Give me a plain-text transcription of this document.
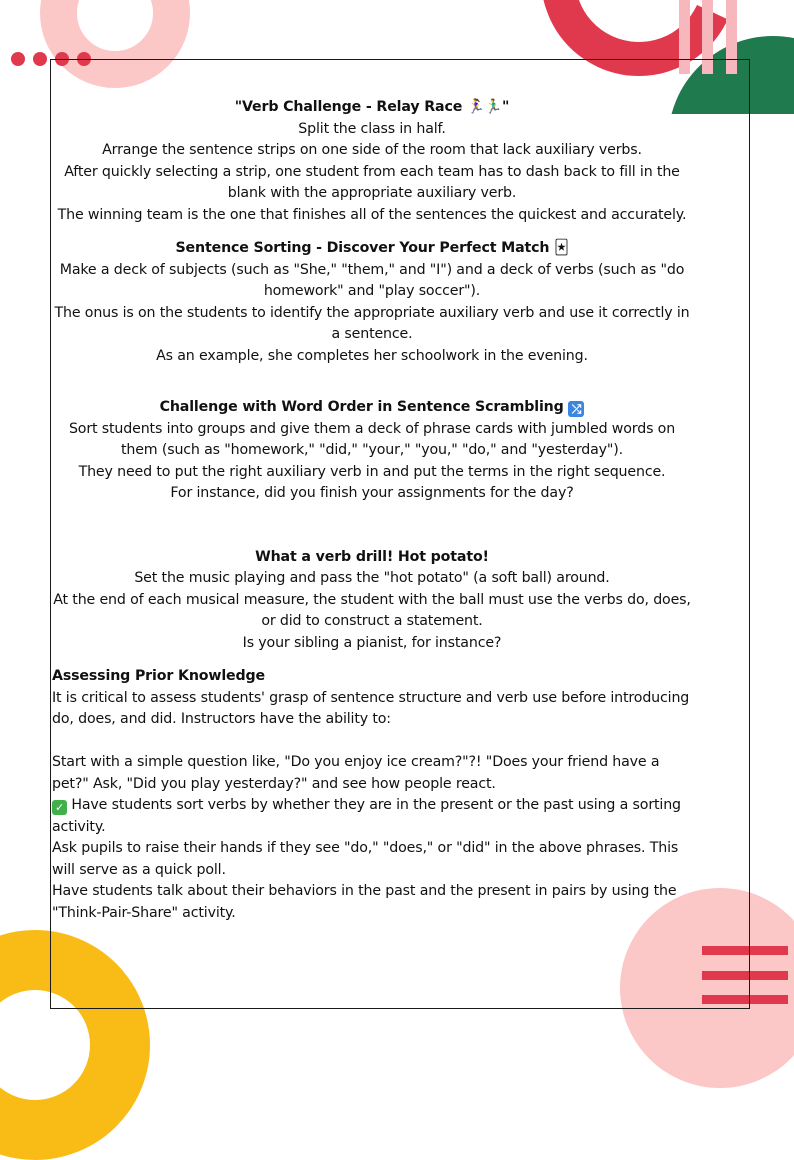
"Verb Challenge - Relay Race 🏃‍♀️🏃‍♂️"

Split the class in half.

Arrange the sentence strips on one side of the room that lack auxiliary verbs.

After quickly selecting a strip, one student from each team has to dash back to fill in the blank with the appropriate auxiliary verb.

The winning team is the one that finishes all of the sentences the quickest and accurately.

Sentence Sorting - Discover Your Perfect Match 🃏

Make a deck of subjects (such as "She," "them," and "I") and a deck of verbs (such as "do homework" and "play soccer").

The onus is on the students to identify the appropriate auxiliary verb and use it correctly in a sentence.

As an example, she completes her schoolwork in the evening.

Challenge with Word Order in Sentence Scrambling ⤮

Sort students into groups and give them a deck of phrase cards with jumbled words on them (such as "homework," "did," "your," "you," "do," and "yesterday").

They need to put the right auxiliary verb in and put the terms in the right sequence.

For instance, did you finish your assignments for the day?

What a verb drill! Hot potato!

Set the music playing and pass the "hot potato" (a soft ball) around.

At the end of each musical measure, the student with the ball must use the verbs do, does, or did to construct a statement.

Is your sibling a pianist, for instance?

Assessing Prior Knowledge

It is critical to assess students' grasp of sentence structure and verb use before introducing do, does, and did. Instructors have the ability to:

Start with a simple question like, "Do you enjoy ice cream?"?! "Does your friend have a pet?" Ask, "Did you play yesterday?" and see how people react.

✓ Have students sort verbs by whether they are in the present or the past using a sorting activity.

Ask pupils to raise their hands if they see "do," "does," or "did" in the above phrases. This will serve as a quick poll.

Have students talk about their behaviors in the past and the present in pairs by using the "Think-Pair-Share" activity.
